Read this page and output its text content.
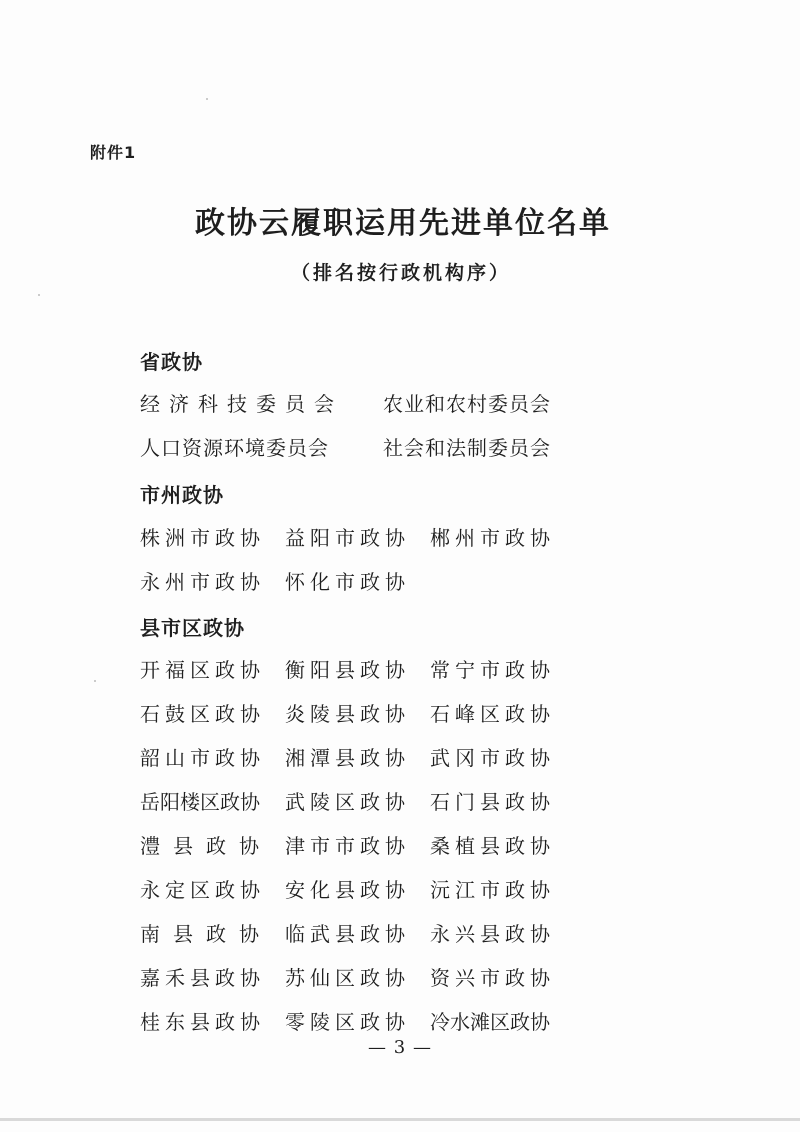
附件1
政协云履职运用先进单位名单
（排名按行政机构序）
省政协
经济科技委员会 农业和农村委员会
人口资源环境委员会	社会和法制委员会
市州政协
株洲市政协 益阳市政协 郴州市政协
永州市政协 怀化市政协
县市区政协
开福区政协 衡阳县政协 常宁市政协
石鼓区政协 炎陵县政协 石峰区政协
韶山市政协 湘潭县政协 武冈市政协
岳阳楼区政协 武陵区政协 石门县政协
澧县政协 津市市政协 桑植县政协
永定区政协 安化县政协 沅江市政协
南县政协 临武县政协 永兴县政协
嘉禾县政协 苏仙区政协 资兴市政协
桂东县政协 零陵区政协 冷水滩区政协
— 3 —
